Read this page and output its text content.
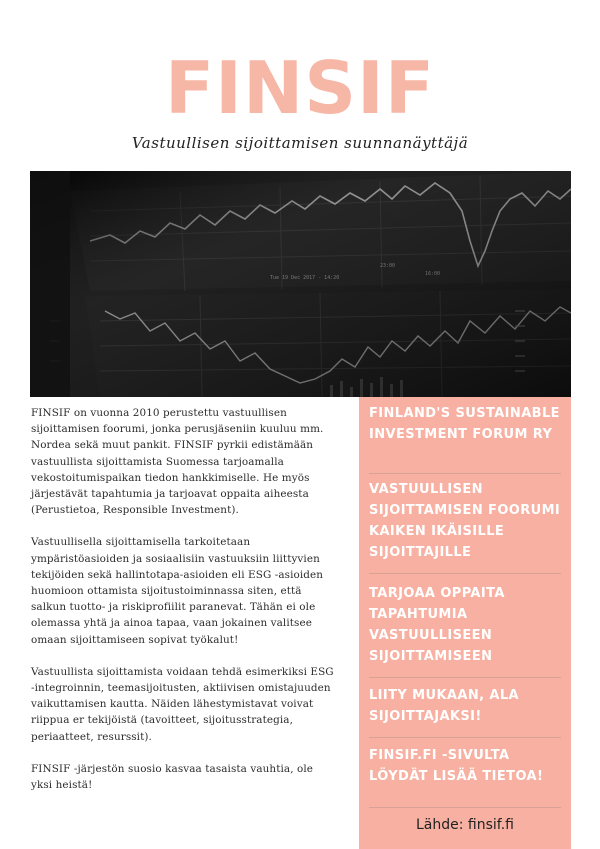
FINSIF
Vastuullisen sijoittamisen suunnanäyttäjä

FINSIF on vuonna 2010 perustettu vastuullisen sijoittamisen foorumi, jonka perusjäseniin kuuluu mm. Nordea sekä muut pankit. FINSIF pyrkii edistämään vastuullista sijoittamista Suomessa tarjoamalla vekostoitumispaikan tiedon hankkimiselle. He myös järjestävät tapahtumia ja tarjoavat oppaita aiheesta (Perustietoa, Responsible Investment).

Vastuullisella sijoittamisella tarkoitetaan ympäristöasioiden ja sosiaalisiin vastuuksiin liittyvien tekijöiden sekä hallintotapa-asioiden eli ESG -asioiden huomioon ottamista sijoitustoiminnassa siten, että salkun tuotto- ja riskiprofiilit paranevat. Tähän ei ole olemassa yhtä ja ainoa tapaa, vaan jokainen valitsee omaan sijoittamiseen sopivat työkalut!

Vastuullista sijoittamista voidaan tehdä esimerkiksi ESG -integroinnin, teemasijoitusten, aktiivisen omistajuuden vaikuttamisen kautta. Näiden lähestymistavat voivat riippua er tekijöistä (tavoitteet, sijoitusstrategia, periaatteet, resurssit).

FINSIF -järjestön suosio kasvaa tasaista vauhtia, ole yksi heistä!

FINLAND'S SUSTAINABLE INVESTMENT FORUM RY
VASTUULLISEN SIJOITTAMISEN FOORUMI KAIKEN IKÄISILLE SIJOITTAJILLE
TARJOAA OPPAITA TAPAHTUMIA VASTUULLISEEN SIJOITTAMISEEN
LIITY MUKAAN, ALA SIJOITTAJAKSI!
FINSIF.FI -SIVULTA LÖYDÄT LISÄÄ TIETOA!
Lähde: finsif.fi
